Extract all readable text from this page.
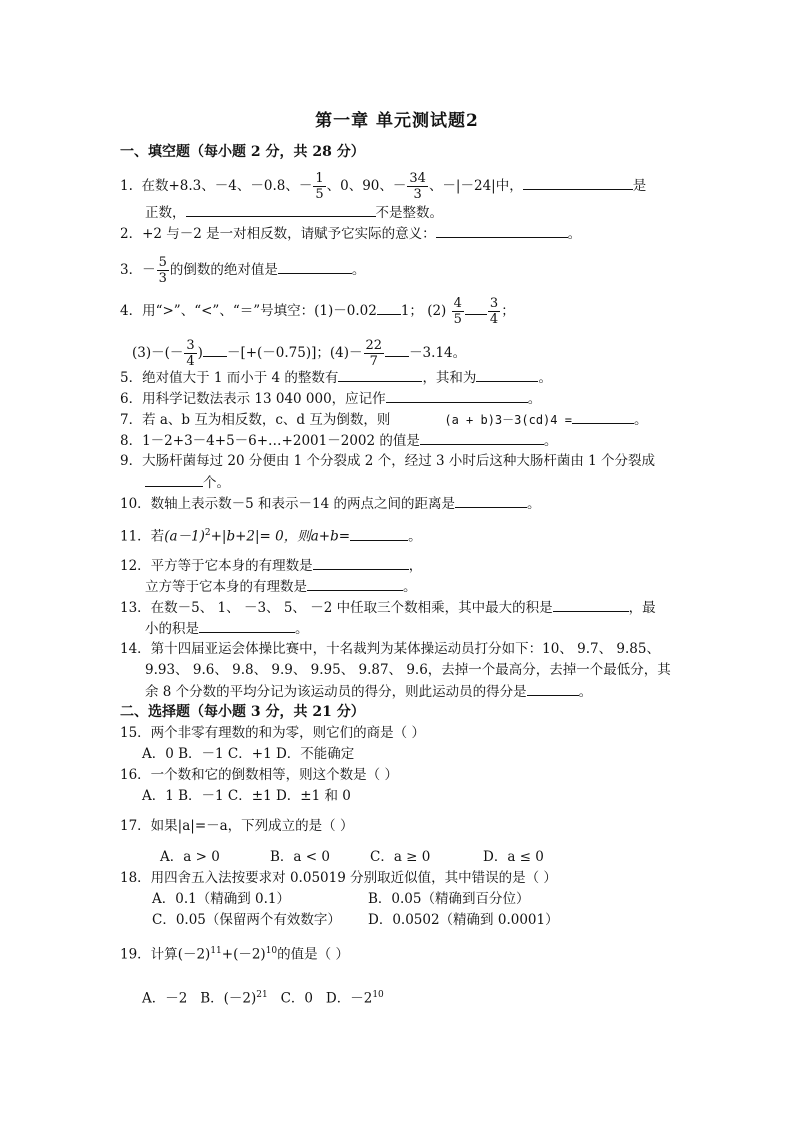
第一章 单元测试题2
一、填空题（每小题 2 分，共 28 分）
1. 在数+8.3、－4、－0.8、－ $\frac{1}{5}$ 、0、90、－ $\frac{34}{3}$ 、－|－24|中，	是
正数，	不是整数。
2．+2 与－2 是一对相反数，请赋予它实际的意义：	。
3．－ $\frac{5}{3}$ 的倒数的绝对值是	。
4．用“>”、“<”、“＝”号填空：(1)－0.02 1； $(2) \frac{4}{5} \frac{3}{4}$ ；
$(3)-(- \frac{3}{4}$ ) －[+(－0.75)]；$(4)- \frac{22}{7} -3.14$。
5．绝对值大于 1 而小于 4 的整数有	，其和为	。
6．用科学记数法表示 13 040 000，应记作	。
7．若 a、b 互为相反数，c、d 互为倒数，则	(a + b)3－3(cd)4 =	。
8．1－2+3－4+5－6+…+2001－2002 的值是	。
9．大肠杆菌每过 20 分便由 1 个分裂成 2 个，经过 3 小时后这种大肠杆菌由 1 个分裂成
个。
10．数轴上表示数－5 和表示－14 的两点之间的距离是	。
11．若$(a-1)^2+|b+2|= 0$，则a+b=	。
12．平方等于它本身的有理数是	，
立方等于它本身的有理数是	。
13．在数－5、 1、 －3、 5、 －2 中任取三个数相乘，其中最大的积是	，最
小的积是	。
14．第十四届亚运会体操比赛中，十名裁判为某体操运动员打分如下：10、 9.7、 9.85、
9.93、 9.6、 9.8、 9.9、 9.95、 9.87、 9.6，去掉一个最高分，去掉一个最低分，其
余 8 个分数的平均分记为该运动员的得分，则此运动员的得分是	。
二、选择题（每小题 3 分，共 21 分）
15．两个非零有理数的和为零，则它们的商是（ ）
A．0 B．－1 C．+1 D．不能确定
16．一个数和它的倒数相等，则这个数是（ ）
A．1 B．－1 C．±1 D．±1 和 0
17．如果|a|=－a，下列成立的是（ ）
A．a > 0	B．a < 0	C．a ≥ 0	D．a ≤ 0
18．用四舍五入法按要求对 0.05019 分别取近似值，其中错误的是（ ）
A．0.1（精确到 0.1）	B．0.05（精确到百分位）
C．0.05（保留两个有效数字） D．0.0502（精确到 0.0001）
19．计算$(-2)^{11}+(-2)^{10}$的值是（ ）
A．－2 B．$(-2)^{21}$ C．0 D．$-2^{10}$
